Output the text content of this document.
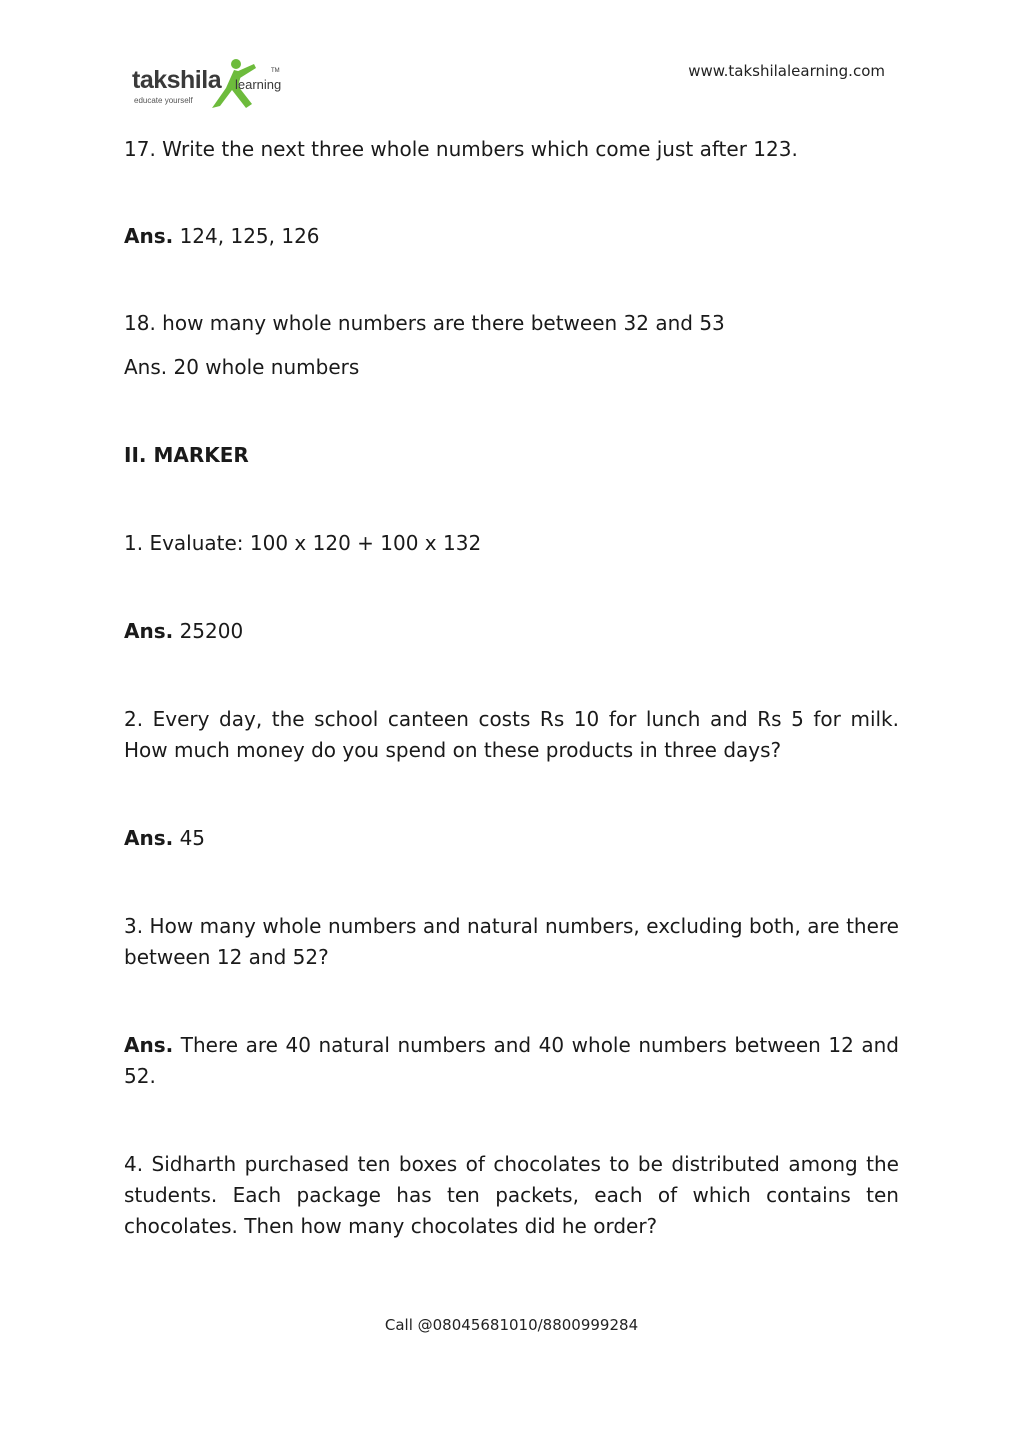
takshila learning
TM
educate yourself
www.takshilalearning.com

17. Write the next three whole numbers which come just after 123.

Ans. 124, 125, 126

18. how many whole numbers are there between 32 and 53

Ans. 20 whole numbers

II. MARKER

1. Evaluate: 100 x 120 + 100 x 132

Ans. 25200

2. Every day, the school canteen costs Rs 10 for lunch and Rs 5 for milk. How much money do you spend on these products in three days?

Ans. 45

3. How many whole numbers and natural numbers, excluding both, are there between 12 and 52?

Ans. There are 40 natural numbers and 40 whole numbers between 12 and 52.

4. Sidharth purchased ten boxes of chocolates to be distributed among the students. Each package has ten packets, each of which contains ten chocolates. Then how many chocolates did he order?

Call @08045681010/8800999284
